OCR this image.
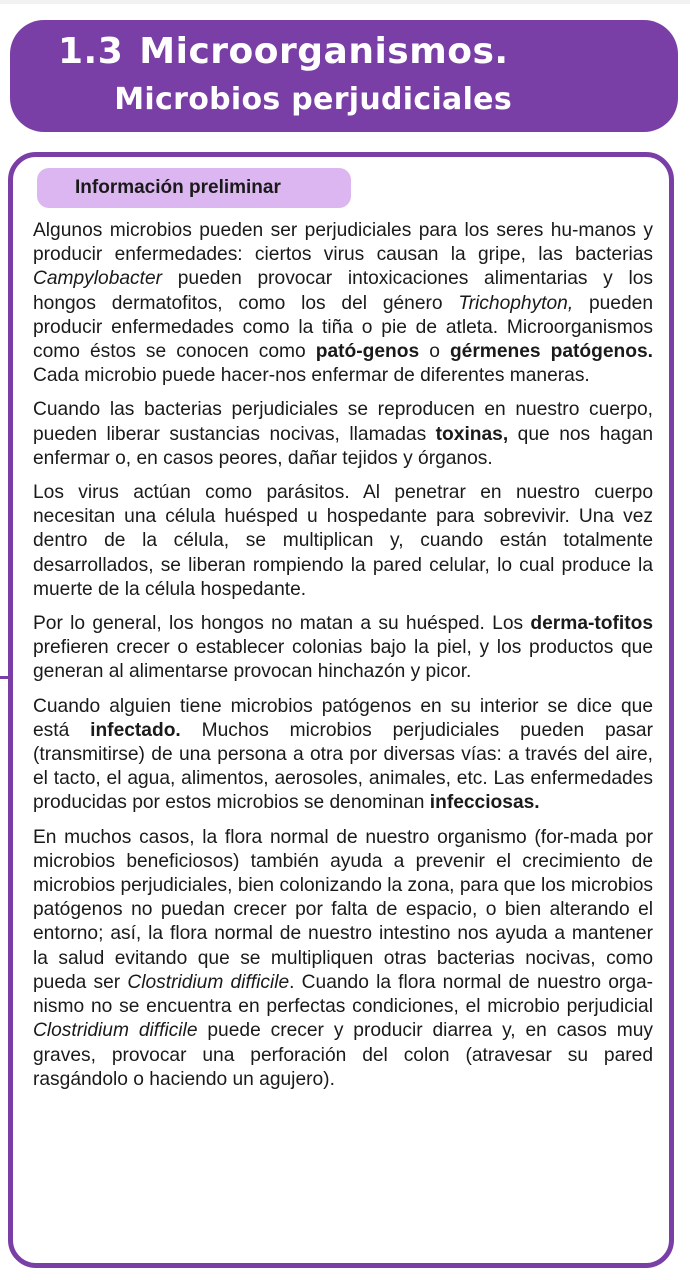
1.3 Microorganismos.
Microbios perjudiciales
Información preliminar

Algunos microbios pueden ser perjudiciales para los seres hu-manos y producir enfermedades: ciertos virus causan la gripe, las bacterias Campylobacter pueden provocar intoxicaciones alimentarias y los hongos dermatofitos, como los del género Trichophyton, pueden producir enfermedades como la tiña o pie de atleta. Microorganismos como éstos se conocen como pató-genos o gérmenes patógenos. Cada microbio puede hacer-nos enfermar de diferentes maneras.

Cuando las bacterias perjudiciales se reproducen en nuestro cuerpo, pueden liberar sustancias nocivas, llamadas toxinas, que nos hagan enfermar o, en casos peores, dañar tejidos y órganos.

Los virus actúan como parásitos. Al penetrar en nuestro cuerpo necesitan una célula huésped u hospedante para sobrevivir. Una vez dentro de la célula, se multiplican y, cuando están totalmente desarrollados, se liberan rompiendo la pared celular, lo cual produce la muerte de la célula hospedante.

Por lo general, los hongos no matan a su huésped. Los derma-tofitos prefieren crecer o establecer colonias bajo la piel, y los productos que generan al alimentarse provocan hinchazón y picor.

Cuando alguien tiene microbios patógenos en su interior se dice que está infectado. Muchos microbios perjudiciales pueden pasar (transmitirse) de una persona a otra por diversas vías: a través del aire, el tacto, el agua, alimentos, aerosoles, animales, etc. Las enfermedades producidas por estos microbios se denominan infecciosas.

En muchos casos, la flora normal de nuestro organismo (for-mada por microbios beneficiosos) también ayuda a prevenir el crecimiento de microbios perjudiciales, bien colonizando la zona, para que los microbios patógenos no puedan crecer por falta de espacio, o bien alterando el entorno; así, la flora normal de nuestro intestino nos ayuda a mantener la salud evitando que se multipliquen otras bacterias nocivas, como pueda ser Clostridium difficile. Cuando la flora normal de nuestro orga-nismo no se encuentra en perfectas condiciones, el microbio perjudicial Clostridium difficile puede crecer y producir diarrea y, en casos muy graves, provocar una perforación del colon (atravesar su pared rasgándolo o haciendo un agujero).
